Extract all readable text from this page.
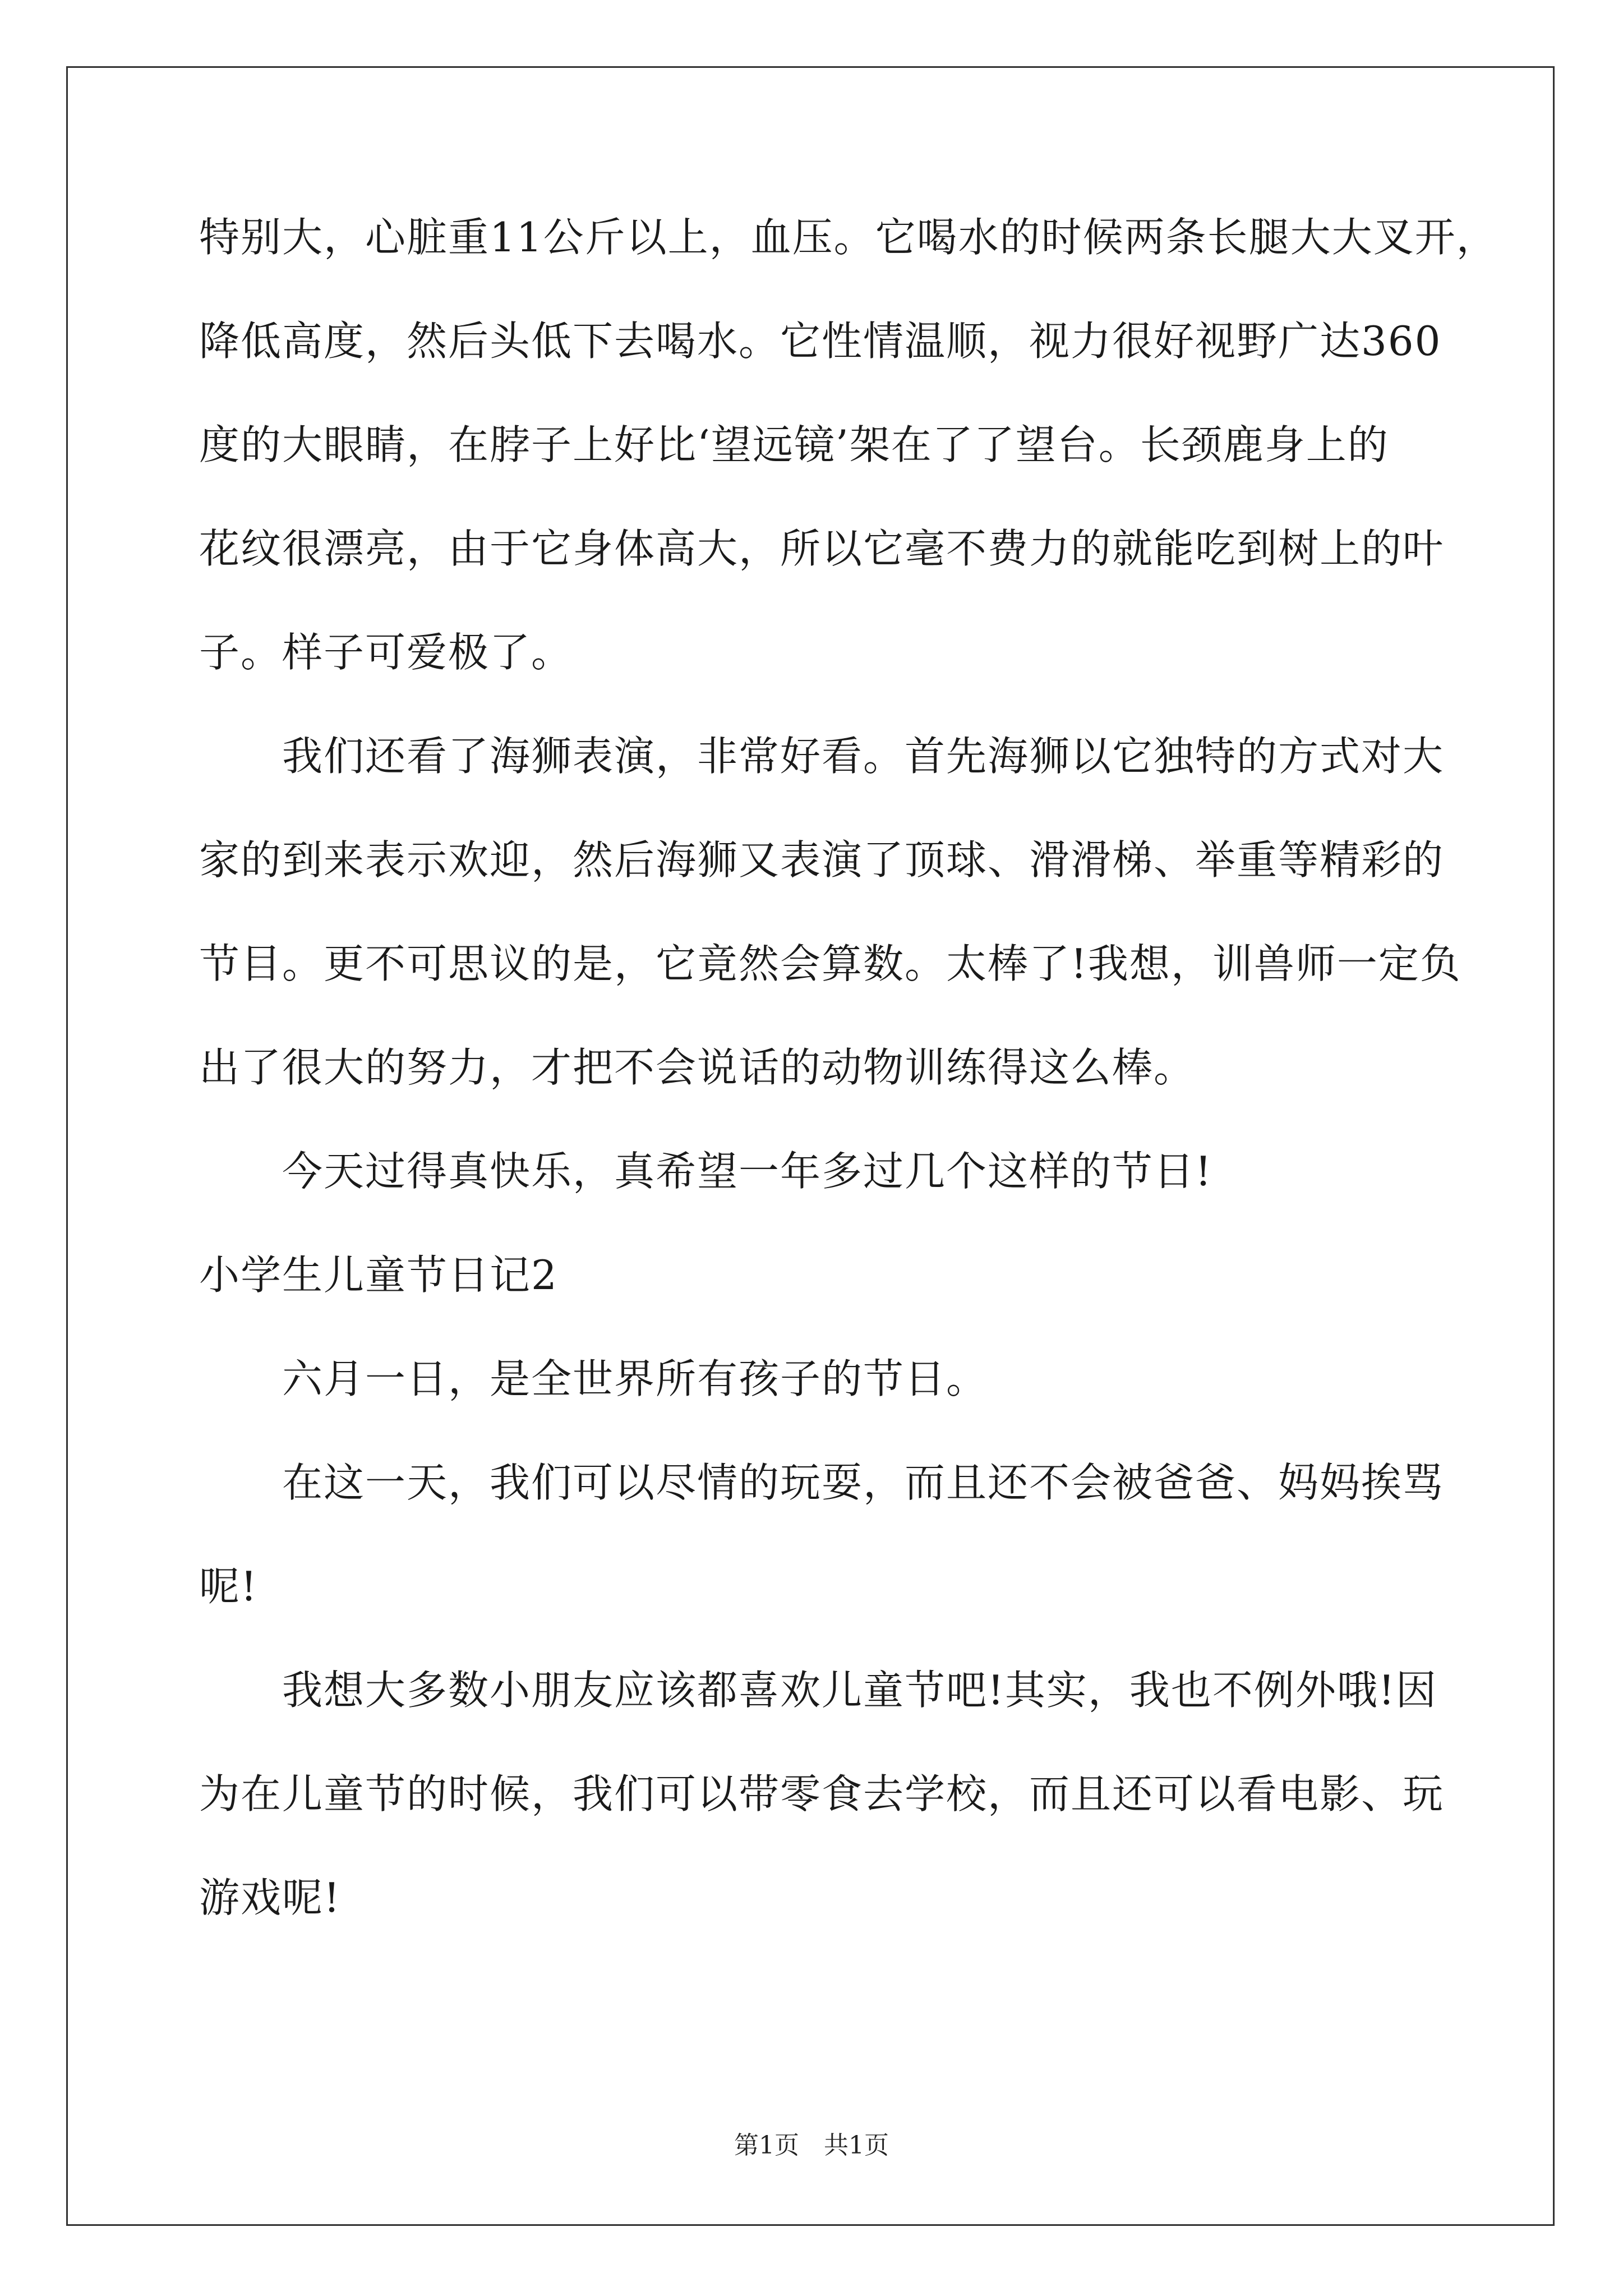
特别大，心脏重11公斤以上，血压。它喝水的时候两条长腿大大叉开，
降低高度，然后头低下去喝水。它性情温顺，视力很好视野广达360
度的大眼睛，在脖子上好比‘望远镜’架在了了望台。长颈鹿身上的
花纹很漂亮，由于它身体高大，所以它毫不费力的就能吃到树上的叶
子。样子可爱极了。
我们还看了海狮表演，非常好看。首先海狮以它独特的方式对大
家的到来表示欢迎，然后海狮又表演了顶球、滑滑梯、举重等精彩的
节目。更不可思议的是，它竟然会算数。太棒了!我想，训兽师一定负
出了很大的努力，才把不会说话的动物训练得这么棒。
今天过得真快乐，真希望一年多过几个这样的节日!
小学生儿童节日记2
六月一日，是全世界所有孩子的节日。
在这一天，我们可以尽情的玩耍，而且还不会被爸爸、妈妈挨骂
呢!
我想大多数小朋友应该都喜欢儿童节吧!其实，我也不例外哦!因
为在儿童节的时候，我们可以带零食去学校，而且还可以看电影、玩
游戏呢!
第1页　共1页
